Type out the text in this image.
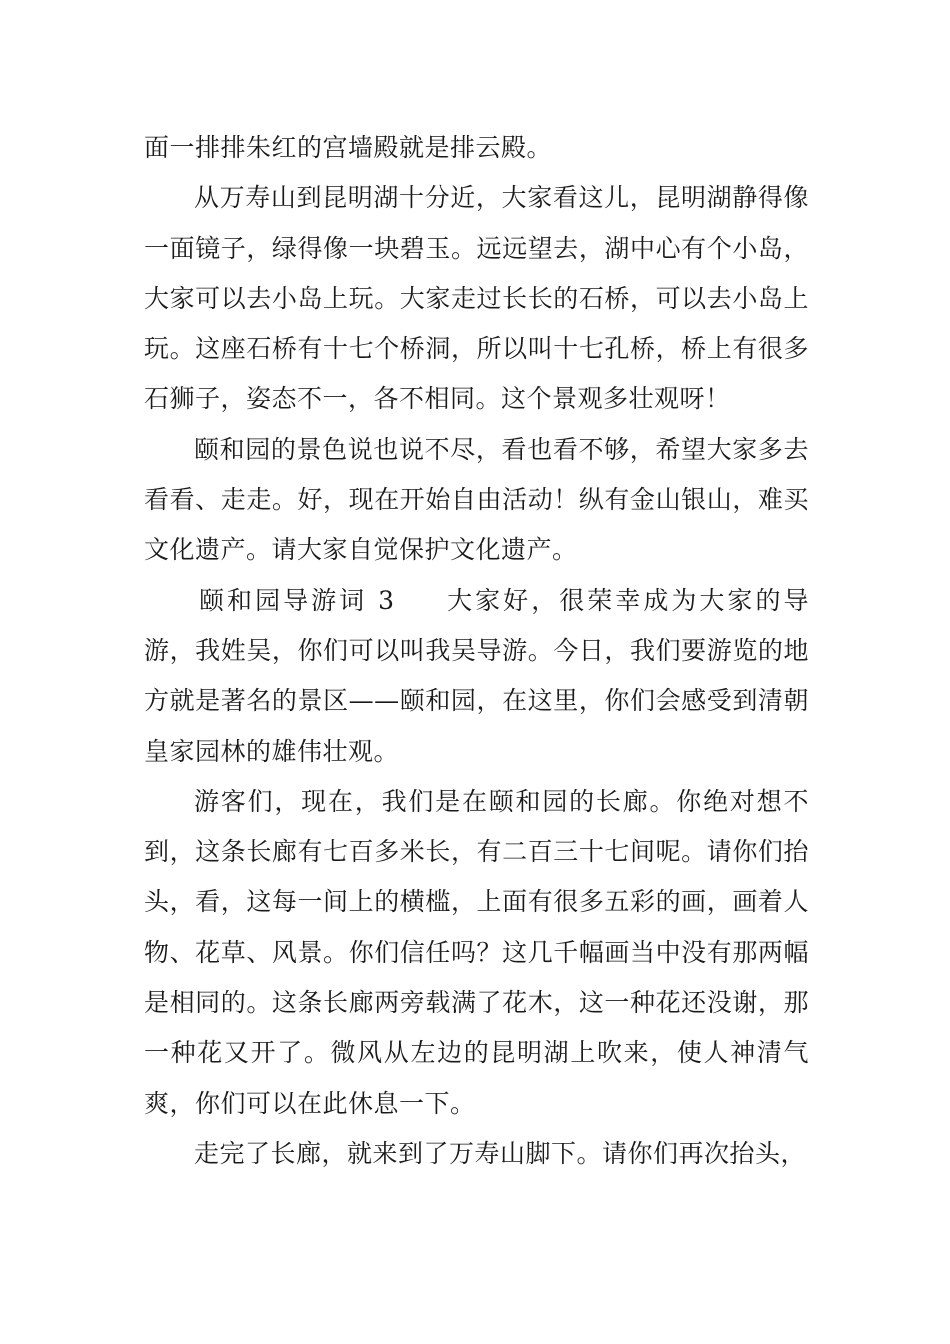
面一排排朱红的宫墙殿就是排云殿。

从万寿山到昆明湖十分近，大家看这儿，昆明湖静得像一面镜子，绿得像一块碧玉。远远望去，湖中心有个小岛，大家可以去小岛上玩。大家走过长长的石桥，可以去小岛上玩。这座石桥有十七个桥洞，所以叫十七孔桥，桥上有很多石狮子，姿态不一，各不相同。这个景观多壮观呀！

颐和园的景色说也说不尽，看也看不够，希望大家多去看看、走走。好，现在开始自由活动！纵有金山银山，难买文化遗产。请大家自觉保护文化遗产。

颐和园导游词 3 大家好，很荣幸成为大家的导游，我姓吴，你们可以叫我吴导游。今日，我们要游览的地方就是著名的景区——颐和园，在这里，你们会感受到清朝皇家园林的雄伟壮观。

游客们，现在，我们是在颐和园的长廊。你绝对想不到，这条长廊有七百多米长，有二百三十七间呢。请你们抬头，看，这每一间上的横槛，上面有很多五彩的画，画着人物、花草、风景。你们信任吗？这几千幅画当中没有那两幅是相同的。这条长廊两旁载满了花木，这一种花还没谢，那一种花又开了。微风从左边的昆明湖上吹来，使人神清气爽，你们可以在此休息一下。

走完了长廊，就来到了万寿山脚下。请你们再次抬头，
